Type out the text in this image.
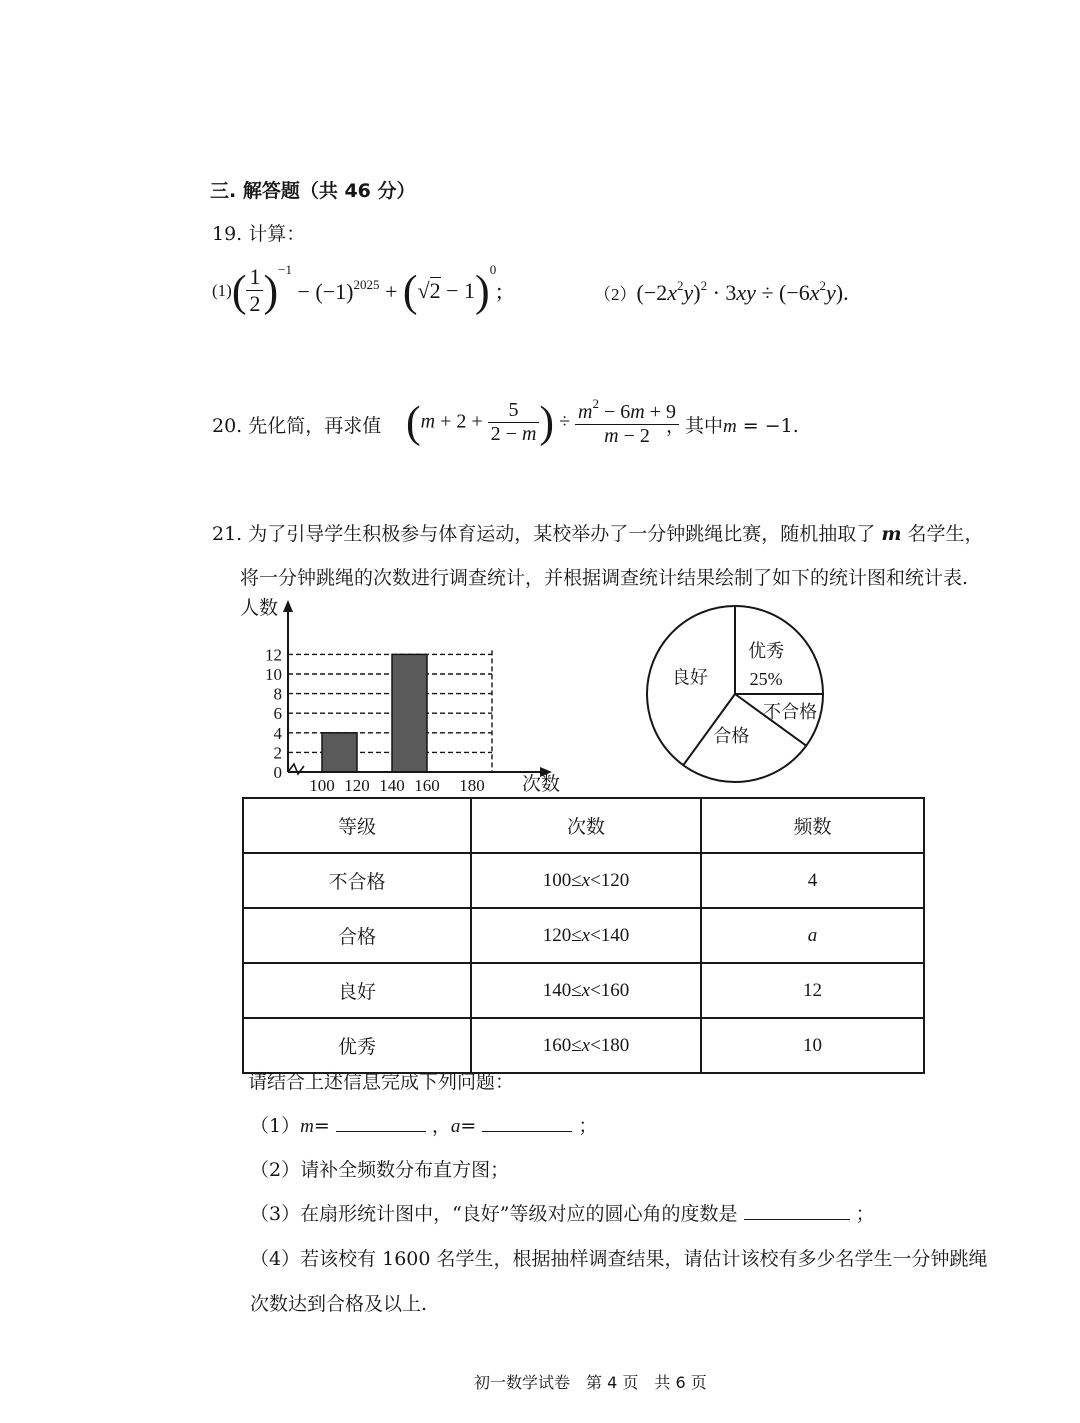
三. 解答题（共 46 分）
19. 计算：
$(1)( \frac{1}{2} )^{-1} - (-1)^{2025} + (√2 - 1)^0$;	$(2)(-2x^2y)^2 \cdot 3xy \div (-6x^2y)$.
20. 先化简，再求值 ($m + 2 + \frac{5}{2 - m}$ ) ÷ $\frac{m^2 - 6m + 9}{m - 2}$
，其中m = −1.
21. 为了引导学生积极参与体育运动，某校举办了一分钟跳绳比赛，随机抽取了 m 名学生，
将一分钟跳绳的次数进行调查统计，并根据调查统计结果绘制了如下的统计图和统计表.
0
2
4
6
8
10
12
100 120 140 160 180
人数
次数
优秀
25%
不合格
合格
良好
等级	次数	频数
不合格	100≤x<120	4
合格	120≤x<140	a
良好	140≤x<160	12
优秀	160≤x<180	10
请结合上述信息完成下列问题：
（1）m=	，a=	；
（2）请补全频数分布直方图；
（3）在扇形统计图中，“良好”等级对应的圆心角的度数是	；
（4）若该校有 1600 名学生，根据抽样调查结果，请估计该校有多少名学生一分钟跳绳
次数达到合格及以上.
初一数学试卷　第 4 页　共 6 页
